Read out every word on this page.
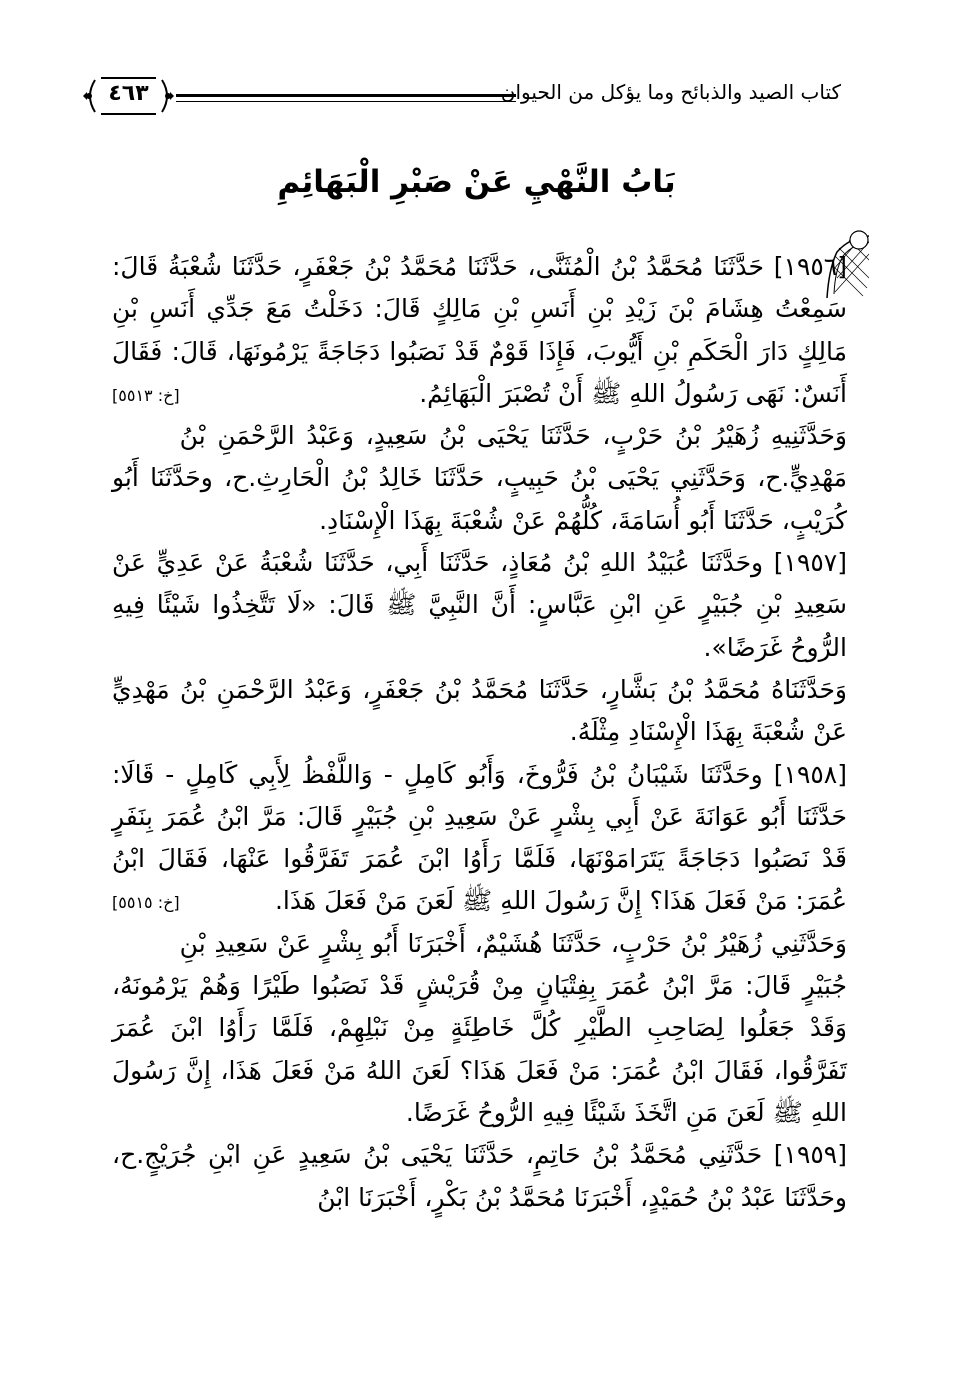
كتاب الصيد والذبائح وما يؤكل من الحيوان
٤٦٣
بَابُ النَّهْيِ عَنْ صَبْرِ الْبَهَائِمِ

[١٩٥٦] حَدَّثَنَا مُحَمَّدُ بْنُ الْمُثَنَّى، حَدَّثَنَا مُحَمَّدُ بْنُ جَعْفَرٍ، حَدَّثَنَا شُعْبَةُ قَالَ: سَمِعْتُ هِشَامَ بْنَ زَيْدِ بْنِ أَنَسِ بْنِ مَالِكٍ قَالَ: دَخَلْتُ مَعَ جَدِّي أَنَسِ بْنِ مَالِكٍ دَارَ الْحَكَمِ بْنِ أَيُّوبَ، فَإِذَا قَوْمٌ قَدْ نَصَبُوا دَجَاجَةً يَرْمُونَهَا، قَالَ: فَقَالَ أَنَسٌ: نَهَى رَسُولُ اللهِ ﷺ أَنْ تُصْبَرَ الْبَهَائِمُ.
[خ: ٥٥١٣]

وَحَدَّثَنِيهِ زُهَيْرُ بْنُ حَرْبٍ، حَدَّثَنَا يَحْيَى بْنُ سَعِيدٍ، وَعَبْدُ الرَّحْمَنِ بْنُ مَهْدِيٍّ.ح، وَحَدَّثَنِي يَحْيَى بْنُ حَبِيبٍ، حَدَّثَنَا خَالِدُ بْنُ الْحَارِثِ.ح، وحَدَّثَنَا أَبُو كُرَيْبٍ، حَدَّثَنَا أَبُو أُسَامَةَ، كُلُّهُمْ عَنْ شُعْبَةَ بِهَذَا الْإِسْنَادِ.

[١٩٥٧] وحَدَّثَنَا عُبَيْدُ اللهِ بْنُ مُعَاذٍ، حَدَّثَنَا أَبِي، حَدَّثَنَا شُعْبَةُ عَنْ عَدِيٍّ عَنْ سَعِيدِ بْنِ جُبَيْرٍ عَنِ ابْنِ عَبَّاسٍ: أَنَّ النَّبِيَّ ﷺ قَالَ: «لَا تَتَّخِذُوا شَيْئًا فِيهِ الرُّوحُ غَرَضًا».

وَحَدَّثَنَاهُ مُحَمَّدُ بْنُ بَشَّارٍ، حَدَّثَنَا مُحَمَّدُ بْنُ جَعْفَرٍ، وَعَبْدُ الرَّحْمَنِ بْنُ مَهْدِيٍّ عَنْ شُعْبَةَ بِهَذَا الْإِسْنَادِ مِثْلَهُ.

[١٩٥٨] وحَدَّثَنَا شَيْبَانُ بْنُ فَرُّوخَ، وَأَبُو كَامِلٍ - وَاللَّفْظُ لِأَبِي كَامِلٍ - قَالَا: حَدَّثَنَا أَبُو عَوَانَةَ عَنْ أَبِي بِشْرٍ عَنْ سَعِيدِ بْنِ جُبَيْرٍ قَالَ: مَرَّ ابْنُ عُمَرَ بِنَفَرٍ قَدْ نَصَبُوا دَجَاجَةً يَتَرَامَوْنَهَا، فَلَمَّا رَأَوُا ابْنَ عُمَرَ تَفَرَّقُوا عَنْهَا، فَقَالَ ابْنُ عُمَرَ: مَنْ فَعَلَ هَذَا؟ إِنَّ رَسُولَ اللهِ ﷺ لَعَنَ مَنْ فَعَلَ هَذَا.
[خ: ٥٥١٥]

وَحَدَّثَنِي زُهَيْرُ بْنُ حَرْبٍ، حَدَّثَنَا هُشَيْمٌ، أَخْبَرَنَا أَبُو بِشْرٍ عَنْ سَعِيدِ بْنِ جُبَيْرٍ قَالَ: مَرَّ ابْنُ عُمَرَ بِفِتْيَانٍ مِنْ قُرَيْشٍ قَدْ نَصَبُوا طَيْرًا وَهُمْ يَرْمُونَهُ، وَقَدْ جَعَلُوا لِصَاحِبِ الطَّيْرِ كُلَّ خَاطِئَةٍ مِنْ نَبْلِهِمْ، فَلَمَّا رَأَوُا ابْنَ عُمَرَ تَفَرَّقُوا، فَقَالَ ابْنُ عُمَرَ: مَنْ فَعَلَ هَذَا؟ لَعَنَ اللهُ مَنْ فَعَلَ هَذَا، إِنَّ رَسُولَ اللهِ ﷺ لَعَنَ مَنِ اتَّخَذَ شَيْئًا فِيهِ الرُّوحُ غَرَضًا.

[١٩٥٩] حَدَّثَنِي مُحَمَّدُ بْنُ حَاتِمٍ، حَدَّثَنَا يَحْيَى بْنُ سَعِيدٍ عَنِ ابْنِ جُرَيْجٍ.ح، وحَدَّثَنَا عَبْدُ بْنُ حُمَيْدٍ، أَخْبَرَنَا مُحَمَّدُ بْنُ بَكْرٍ، أَخْبَرَنَا ابْنُ
